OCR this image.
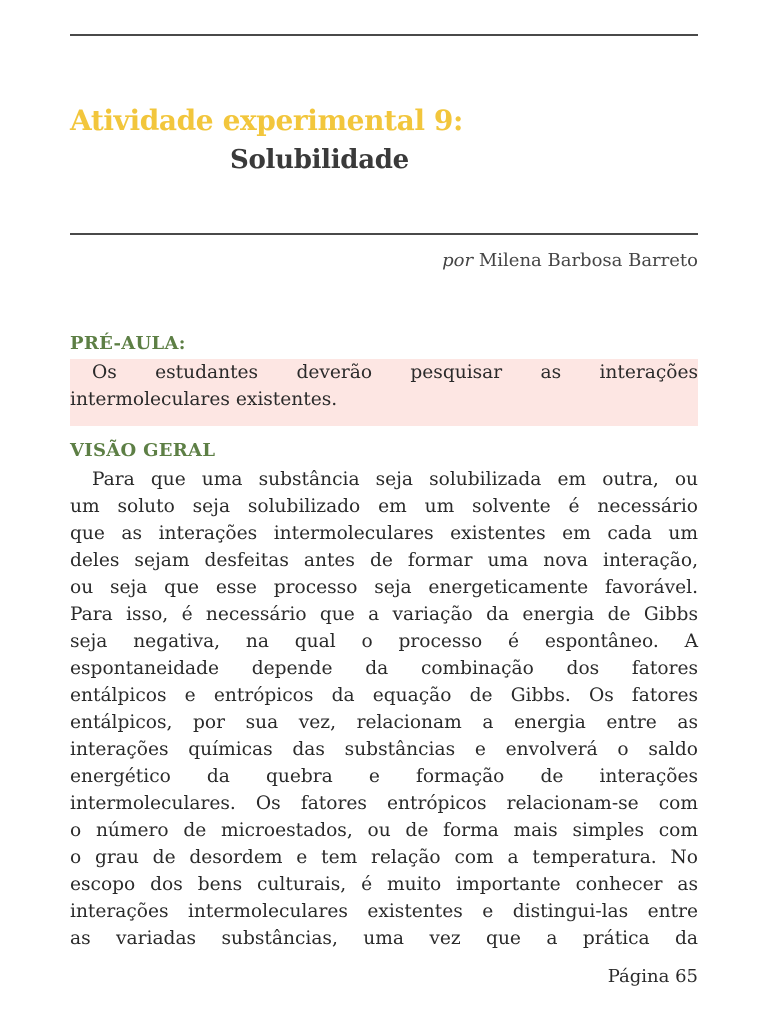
Atividade experimental 9:
Solubilidade
por Milena Barbosa Barreto
PRÉ-AULA:
Os estudantes deverão pesquisar as interações
intermoleculares existentes.
VISÃO GERAL
Para que uma substância seja solubilizada em outra, ou
um soluto seja solubilizado em um solvente é necessário
que as interações intermoleculares existentes em cada um
deles sejam desfeitas antes de formar uma nova interação,
ou seja que esse processo seja energeticamente favorável.
Para isso, é necessário que a variação da energia de Gibbs
seja negativa, na qual o processo é espontâneo. A
espontaneidade depende da combinação dos fatores
entálpicos e entrópicos da equação de Gibbs. Os fatores
entálpicos, por sua vez, relacionam a energia entre as
interações químicas das substâncias e envolverá o saldo
energético da quebra e formação de interações
intermoleculares. Os fatores entrópicos relacionam-se com
o número de microestados, ou de forma mais simples com
o grau de desordem e tem relação com a temperatura. No
escopo dos bens culturais, é muito importante conhecer as
interações intermoleculares existentes e distingui-las entre
as variadas substâncias, uma vez que a prática da
Página 65
